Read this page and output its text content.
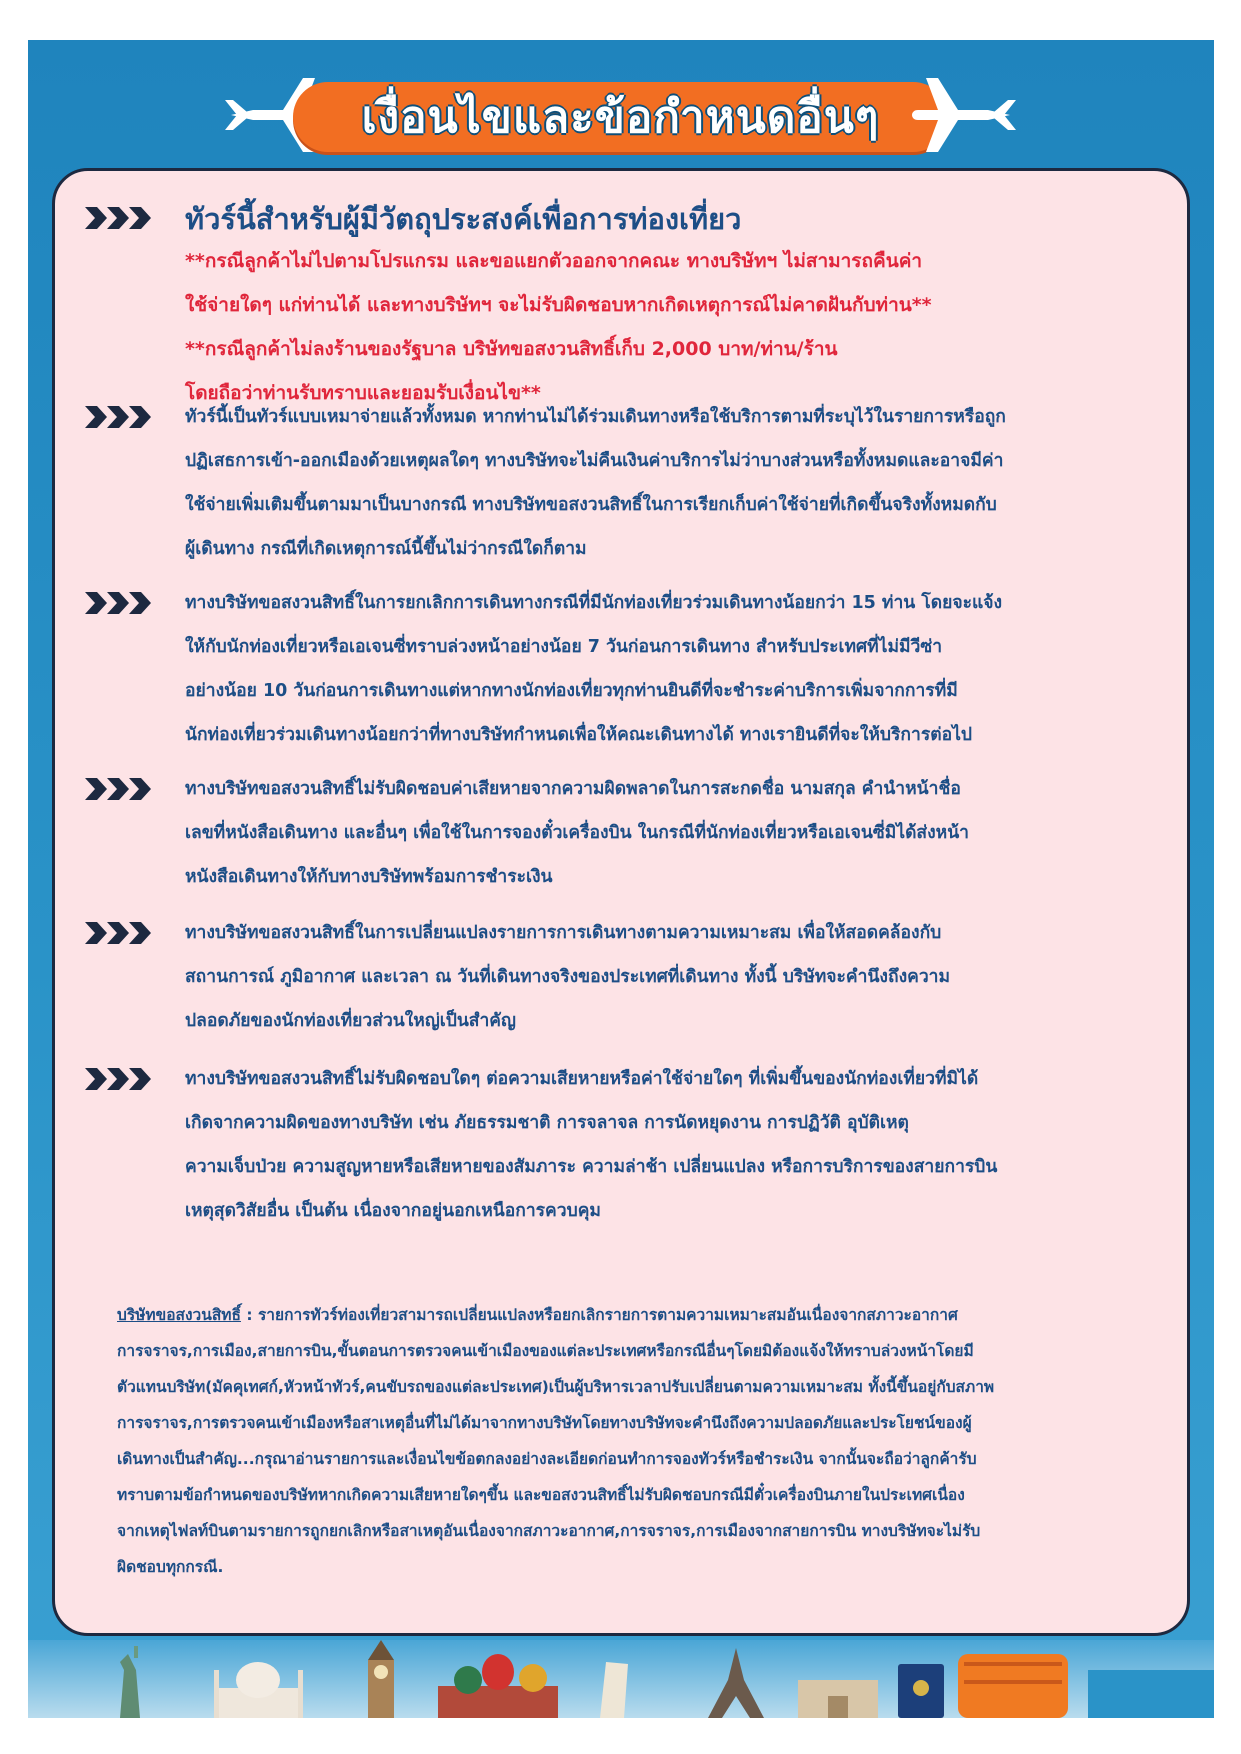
เงื่อนไขและข้อกำหนดอื่นๆ
ทัวร์นี้สำหรับผู้มีวัตถุประสงค์เพื่อการท่องเที่ยว
**กรณีลูกค้าไม่ไปตามโปรแกรม และขอแยกตัวออกจากคณะ ทางบริษัทฯ ไม่สามารถคืนค่า
ใช้จ่ายใดๆ แก่ท่านได้ และทางบริษัทฯ จะไม่รับผิดชอบหากเกิดเหตุการณ์ไม่คาดฝันกับท่าน**
**กรณีลูกค้าไม่ลงร้านของรัฐบาล บริษัทขอสงวนสิทธิ์เก็บ 2,000 บาท/ท่าน/ร้าน
โดยถือว่าท่านรับทราบและยอมรับเงื่อนไข**
ทัวร์นี้เป็นทัวร์แบบเหมาจ่ายแล้วทั้งหมด หากท่านไม่ได้ร่วมเดินทางหรือใช้บริการตามที่ระบุไว้ในรายการหรือถูก
ปฏิเสธการเข้า-ออกเมืองด้วยเหตุผลใดๆ ทางบริษัทจะไม่คืนเงินค่าบริการไม่ว่าบางส่วนหรือทั้งหมดและอาจมีค่า
ใช้จ่ายเพิ่มเติมขึ้นตามมาเป็นบางกรณี ทางบริษัทขอสงวนสิทธิ์ในการเรียกเก็บค่าใช้จ่ายที่เกิดขึ้นจริงทั้งหมดกับ
ผู้เดินทาง กรณีที่เกิดเหตุการณ์นี้ขึ้นไม่ว่ากรณีใดก็ตาม
ทางบริษัทขอสงวนสิทธิ์ในการยกเลิกการเดินทางกรณีที่มีนักท่องเที่ยวร่วมเดินทางน้อยกว่า 15 ท่าน โดยจะแจ้ง
ให้กับนักท่องเที่ยวหรือเอเจนซี่ทราบล่วงหน้าอย่างน้อย 7 วันก่อนการเดินทาง สำหรับประเทศที่ไม่มีวีซ่า
อย่างน้อย 10 วันก่อนการเดินทางแต่หากทางนักท่องเที่ยวทุกท่านยินดีที่จะชำระค่าบริการเพิ่มจากการที่มี
นักท่องเที่ยวร่วมเดินทางน้อยกว่าที่ทางบริษัทกำหนดเพื่อให้คณะเดินทางได้ ทางเรายินดีที่จะให้บริการต่อไป
ทางบริษัทขอสงวนสิทธิ์ไม่รับผิดชอบค่าเสียหายจากความผิดพลาดในการสะกดชื่อ นามสกุล คำนำหน้าชื่อ
เลขที่หนังสือเดินทาง และอื่นๆ เพื่อใช้ในการจองตั๋วเครื่องบิน ในกรณีที่นักท่องเที่ยวหรือเอเจนซี่มิได้ส่งหน้า
หนังสือเดินทางให้กับทางบริษัทพร้อมการชำระเงิน
ทางบริษัทขอสงวนสิทธิ์ในการเปลี่ยนแปลงรายการการเดินทางตามความเหมาะสม เพื่อให้สอดคล้องกับ
สถานการณ์ ภูมิอากาศ และเวลา ณ วันที่เดินทางจริงของประเทศที่เดินทาง ทั้งนี้ บริษัทจะคำนึงถึงความ
ปลอดภัยของนักท่องเที่ยวส่วนใหญ่เป็นสำคัญ
ทางบริษัทขอสงวนสิทธิ์ไม่รับผิดชอบใดๆ ต่อความเสียหายหรือค่าใช้จ่ายใดๆ ที่เพิ่มขึ้นของนักท่องเที่ยวที่มิได้
เกิดจากความผิดของทางบริษัท เช่น ภัยธรรมชาติ การจลาจล การนัดหยุดงาน การปฏิวัติ อุบัติเหตุ
ความเจ็บป่วย ความสูญหายหรือเสียหายของสัมภาระ ความล่าช้า เปลี่ยนแปลง หรือการบริการของสายการบิน
เหตุสุดวิสัยอื่น เป็นต้น เนื่องจากอยู่นอกเหนือการควบคุม
บริษัทขอสงวนสิทธิ์ : รายการทัวร์ท่องเที่ยวสามารถเปลี่ยนแปลงหรือยกเลิกรายการตามความเหมาะสมอันเนื่องจากสภาวะอากาศ
การจราจร,การเมือง,สายการบิน,ขั้นตอนการตรวจคนเข้าเมืองของแต่ละประเทศหรือกรณีอื่นๆโดยมิต้องแจ้งให้ทราบล่วงหน้าโดยมี
ตัวแทนบริษัท(มัคคุเทศก์,หัวหน้าทัวร์,คนขับรถของแต่ละประเทศ)เป็นผู้บริหารเวลาปรับเปลี่ยนตามความเหมาะสม ทั้งนี้ขึ้นอยู่กับสภาพ
การจราจร,การตรวจคนเข้าเมืองหรือสาเหตุอื่นที่ไม่ได้มาจากทางบริษัทโดยทางบริษัทจะคำนึงถึงความปลอดภัยและประโยชน์ของผู้
เดินทางเป็นสำคัญ...กรุณาอ่านรายการและเงื่อนไขข้อตกลงอย่างละเอียดก่อนทำการจองทัวร์หรือชำระเงิน จากนั้นจะถือว่าลูกค้ารับ
ทราบตามข้อกำหนดของบริษัทหากเกิดความเสียหายใดๆขึ้น และขอสงวนสิทธิ์ไม่รับผิดชอบกรณีมีตั๋วเครื่องบินภายในประเทศเนื่อง
จากเหตุไฟลท์บินตามรายการถูกยกเลิกหรือสาเหตุอันเนื่องจากสภาวะอากาศ,การจราจร,การเมืองจากสายการบิน ทางบริษัทจะไม่รับ
ผิดชอบทุกกรณี.
